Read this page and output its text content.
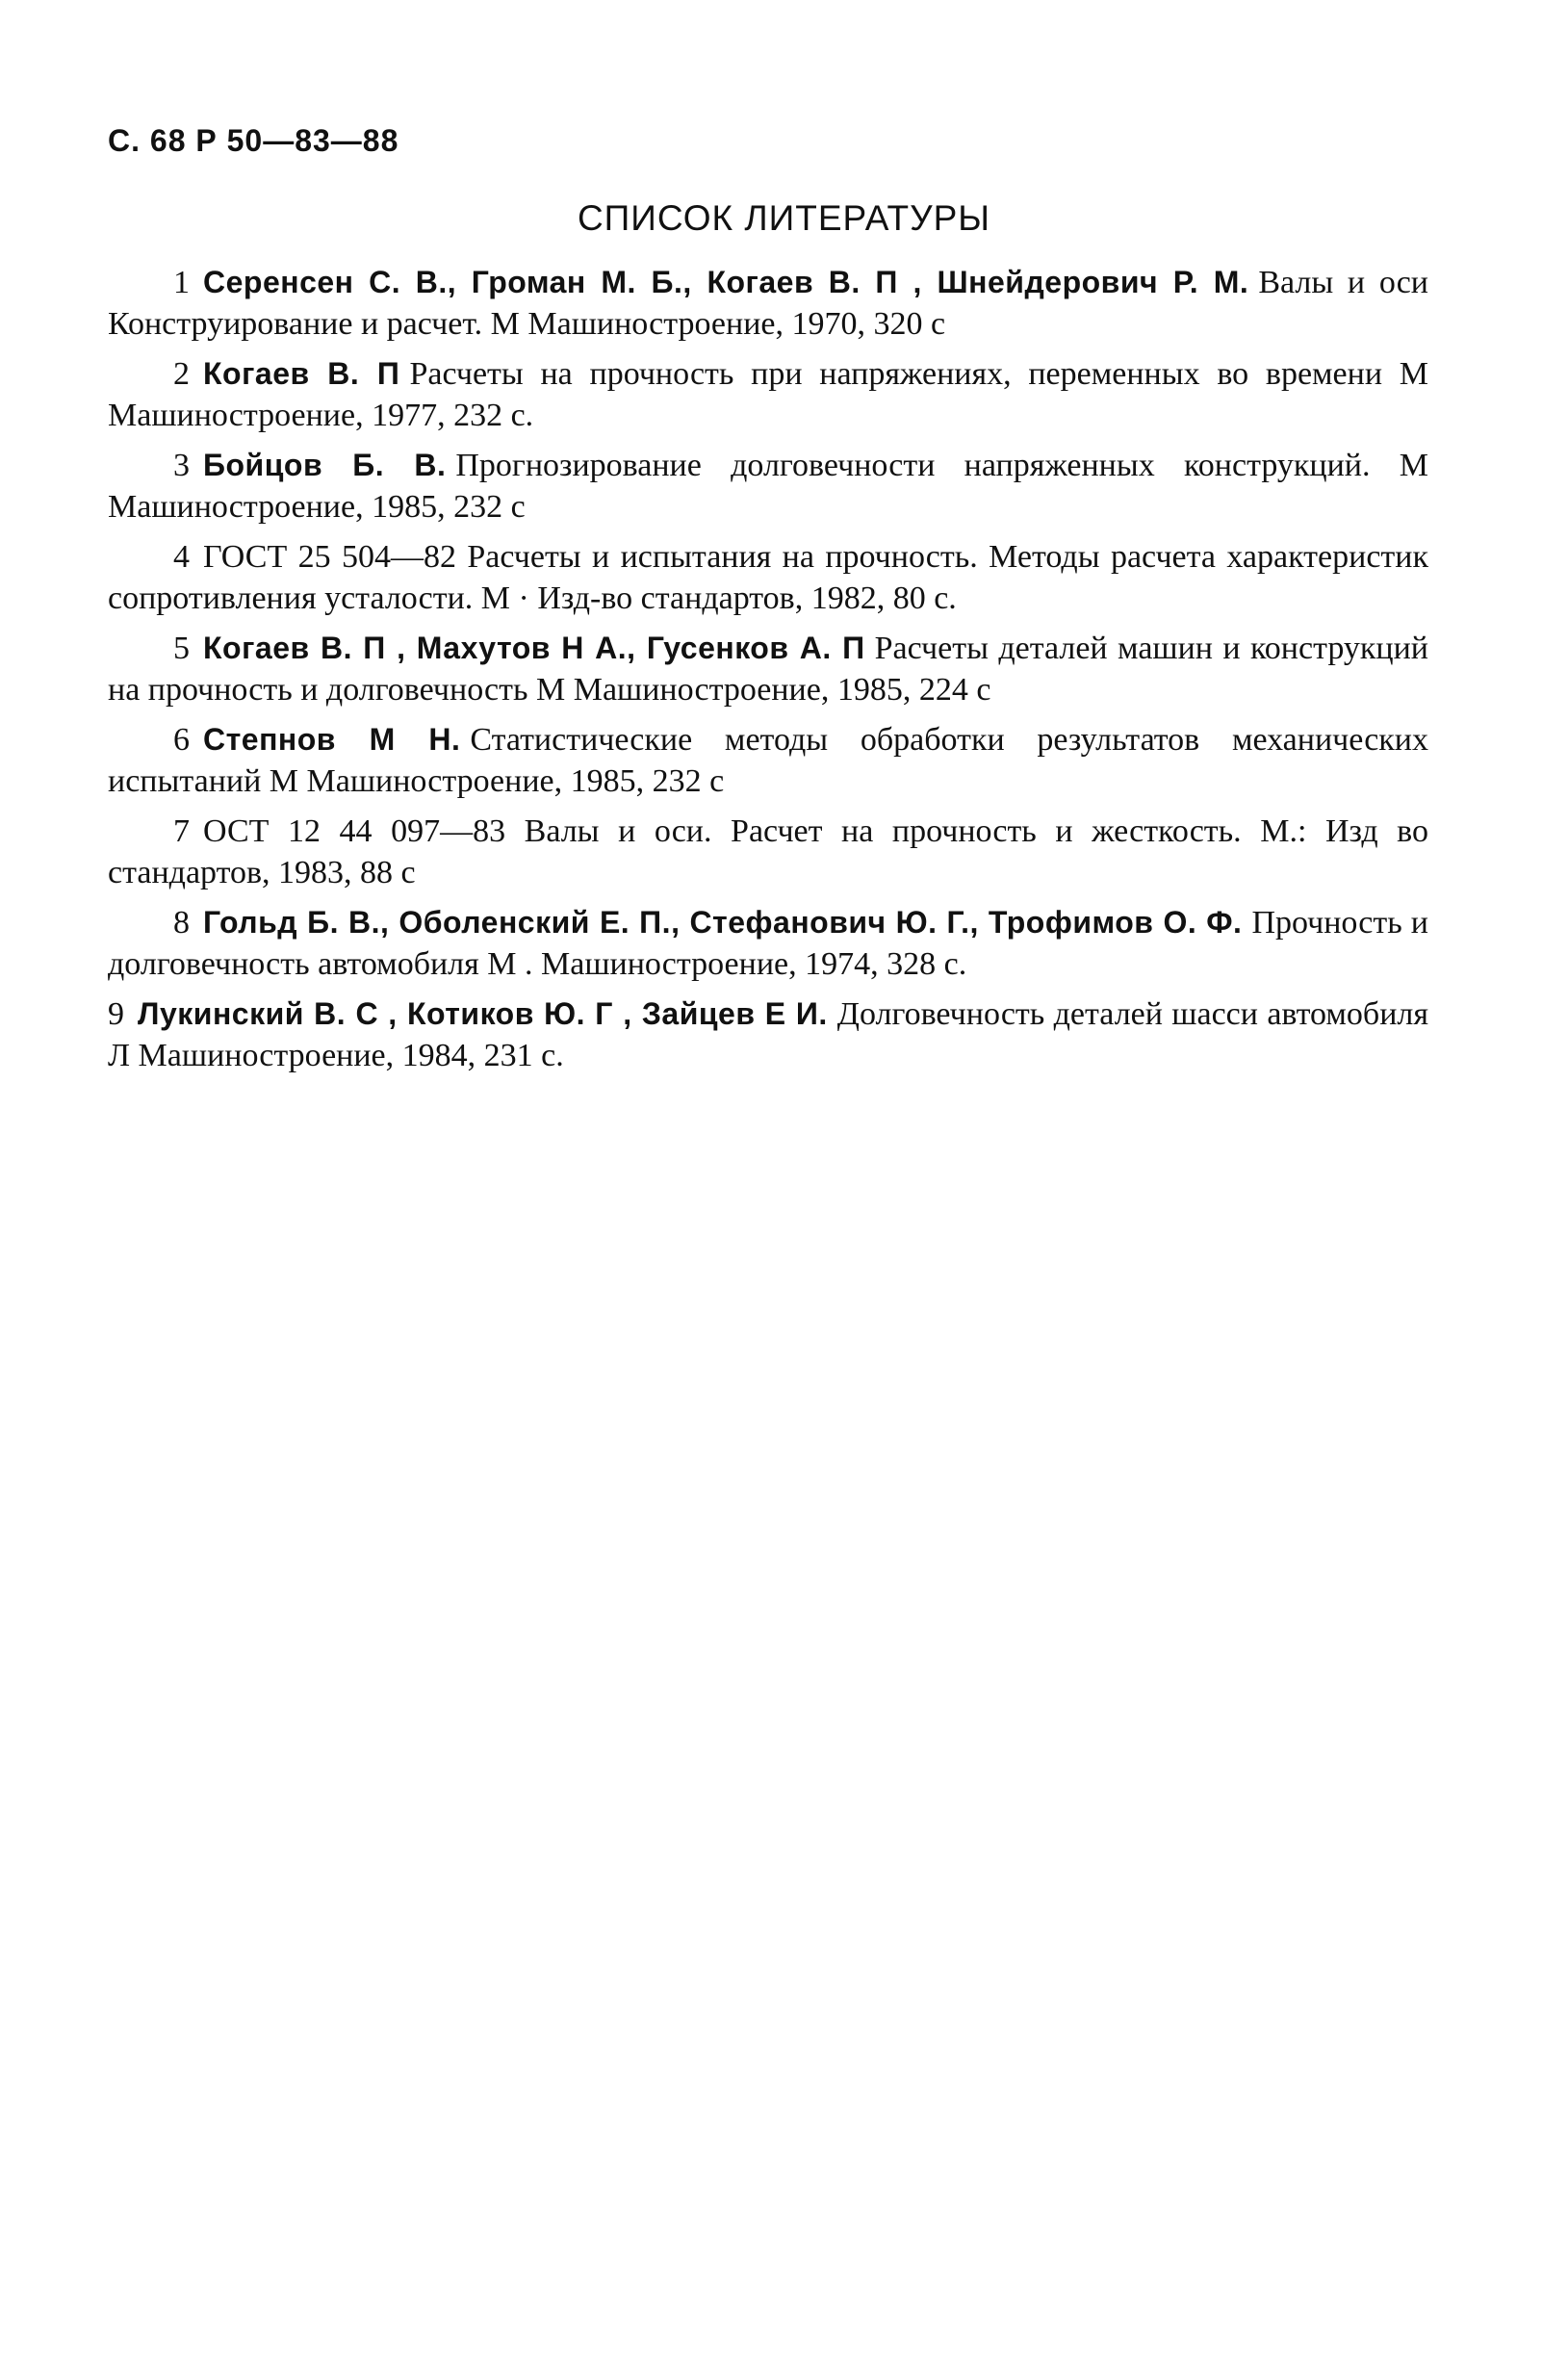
С. 68 Р 50—83—88
СПИСОК ЛИТЕРАТУРЫ

1 Серенсен С. В., Громан М. Б., Когаев В. П , Шнейдерович Р. М. Валы и оси Конструирование и расчет. М Машиностроение, 1970, 320 с

2 Когаев В. П Расчеты на прочность при напряжениях, переменных во времени М Машиностроение, 1977, 232 с.

3 Бойцов Б. В. Прогнозирование долговечности напряженных конструкций. М Машиностроение, 1985, 232 с

4 ГОСТ 25 504—82 Расчеты и испытания на прочность. Методы расчета характеристик сопротивления усталости. М · Изд-во стандартов, 1982, 80 с.

5 Когаев В. П , Махутов Н А., Гусенков А. П Расчеты деталей машин и конструкций на прочность и долговечность М Машиностроение, 1985, 224 с

6 Степнов М Н. Статистические методы обработки результатов механических испытаний М Машиностроение, 1985, 232 с

7 ОСТ 12 44 097—83 Валы и оси. Расчет на прочность и жесткость. М.: Изд во стандартов, 1983, 88 с

8 Гольд Б. В., Оболенский Е. П., Стефанович Ю. Г., Трофимов О. Ф. Прочность и долговечность автомобиля М . Машиностроение, 1974, 328 с.

9 Лукинский В. С , Котиков Ю. Г , Зайцев Е И. Долговечность деталей шасси автомобиля Л Машиностроение, 1984, 231 с.
